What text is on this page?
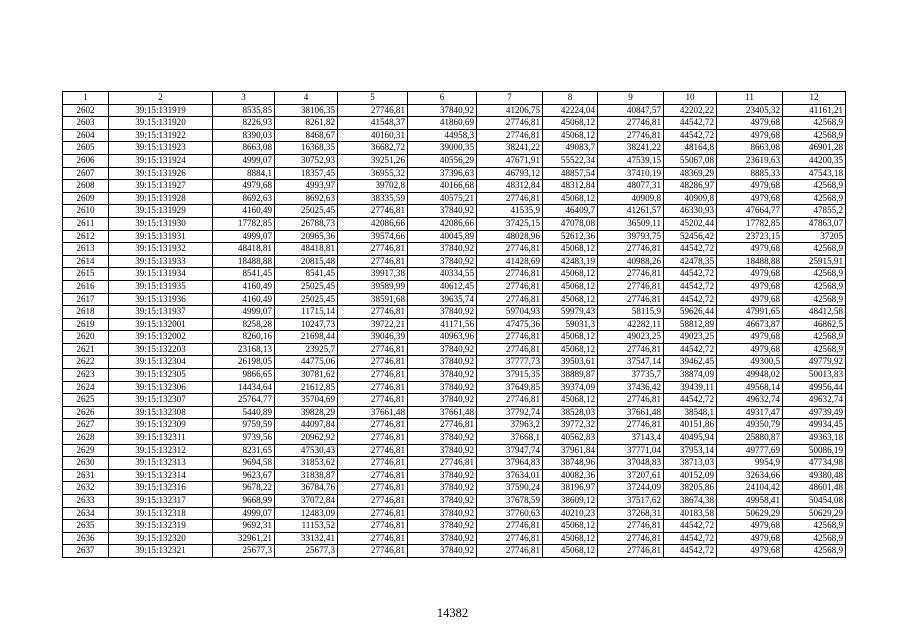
1	2	3	4	5	6	7	8	9	10	11	12
2602	39:15:131919	8535,85	38106,35	27746,81	37840,92	41206,75	42224,04	40847,57	42202,22	23405,32	41161,21
2603	39:15:131920	8226,93	8261,82	41548,37	41860,69	27746,81	45068,12	27746,81	44542,72	4979,68	42568,9
2604	39:15:131922	8390,03	8468,67	40160,31	44958,3	27746,81	45068,12	27746,81	44542,72	4979,68	42568,9
2605	39:15:131923	8663,08	16368,35	36682,72	39000,35	38241,22	49083,7	38241,22	48164,8	8663,08	46901,28
2606	39:15:131924	4999,07	30752,93	39251,26	40556,29	47671,91	55522,34	47539,15	55067,08	23619,63	44200,35
2607	39:15:131926	8884,1	18357,45	36955,32	37396,63	46793,12	48857,54	37410,19	48369,29	8885,33	47543,18
2608	39:15:131927	4979,68	4993,97	39702,8	40166,68	48312,84	48312,84	48077,31	48286,97	4979,68	42568,9
2609	39:15:131928	8692,63	8692,63	38335,59	40575,21	27746,81	45068,12	40909,8	40909,8	4979,68	42568,9
2610	39:15:131929	4160,49	25025,45	27746,81	37840,92	41535,9	46409,7	41261,57	46330,93	47664,77	47855,2
2611	39:15:131930	17782,85	26788,73	42086,66	42086,66	37425,15	47078,08	36509,11	45202,44	17782,85	47863,07
2612	39:15:131931	4999,07	20965,36	39574,66	40045,89	48028,96	52612,36	39793,75	52456,42	23723,15	37205
2613	39:15:131932	48418,81	48418,81	27746,81	37840,92	27746,81	45068,12	27746,81	44542,72	4979,68	42568,9
2614	39:15:131933	18488,88	20815,48	27746,81	37840,92	41428,69	42483,19	40988,26	42478,35	18488,88	25915,91
2615	39:15:131934	8541,45	8541,45	39917,38	40334,55	27746,81	45068,12	27746,81	44542,72	4979,68	42568,9
2616	39:15:131935	4160,49	25025,45	39589,99	40612,45	27746,81	45068,12	27746,81	44542,72	4979,68	42568,9
2617	39:15:131936	4160,49	25025,45	38591,68	39635,74	27746,81	45068,12	27746,81	44542,72	4979,68	42568,9
2618	39:15:131937	4999,07	11715,14	27746,81	37840,92	59704,93	59979,43	58115,9	59626,44	47991,65	48412,58
2619	39:15:132001	8258,28	10247,73	39722,21	41171,56	47475,36	59031,3	42282,11	58812,89	46673,87	46862,5
2620	39:15:132002	8260,16	21698,44	39046,39	40963,96	27746,81	45068,12	49023,25	49023,25	4979,68	42568,9
2621	39:15:132203	23168,13	23925,7	27746,81	37840,92	27746,81	45068,12	27746,81	44542,72	4979,68	42568,9
2622	39:15:132304	26198,05	44775,06	27746,81	37840,92	37777,73	39503,61	37547,14	39462,45	49300,5	49779,92
2623	39:15:132305	9866,65	30781,62	27746,81	37840,92	37915,35	38889,87	37735,7	38874,09	49948,02	50013,83
2624	39:15:132306	14434,64	21612,85	27746,81	37840,92	37649,85	39374,09	37436,42	39439,11	49568,14	49956,44
2625	39:15:132307	25764,77	35704,69	27746,81	37840,92	27746,81	45068,12	27746,81	44542,72	49632,74	49632,74
2626	39:15:132308	5440,89	39828,29	37661,48	37661,48	37792,74	38528,03	37661,48	38548,1	49317,47	49739,49
2627	39:15:132309	9759,59	44097,84	27746,81	27746,81	37963,2	39772,32	27746,81	40151,86	49350,79	49934,45
2628	39:15:132311	9739,56	20962,92	27746,81	37840,92	37668,1	40562,83	37143,4	40495,94	25880,87	49363,18
2629	39:15:132312	8231,65	47530,43	27746,81	37840,92	37947,74	37961,84	37771,04	37953,14	49777,69	50086,19
2630	39:15:132313	9694,58	31853,62	27746,81	27746,81	37964,83	38748,96	37048,83	38713,03	9954,9	47734,98
2631	39:15:132314	9623,67	31838,87	27746,81	37840,92	37634,01	40082,36	37207,61	40152,09	32634,66	49380,48
2632	39:15:132316	9678,22	36784,76	27746,81	37840,92	37590,24	38196,97	37244,09	38205,86	24104,42	48601,48
2633	39:15:132317	9668,99	37072,84	27746,81	37840,92	37678,59	38609,12	37517,62	38674,38	49958,41	50454,08
2634	39:15:132318	4999,07	12483,09	27746,81	37840,92	37760,63	40210,23	37268,31	40183,58	50629,29	50629,29
2635	39:15:132319	9692,31	11153,52	27746,81	37840,92	27746,81	45068,12	27746,81	44542,72	4979,68	42568,9
2636	39:15:132320	32961,21	33132,41	27746,81	37840,92	27746,81	45068,12	27746,81	44542,72	4979,68	42568,9
2637	39:15:132321	25677,3	25677,3	27746,81	37840,92	27746,81	45068,12	27746,81	44542,72	4979,68	42568,9
14382
